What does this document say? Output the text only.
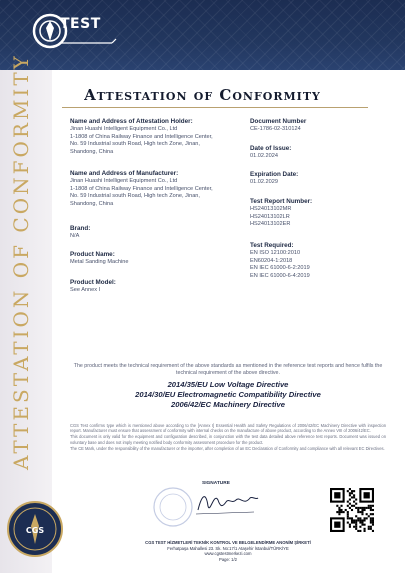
TEST
ATTESTATION OF CONFORMITY	Attestation of Conformity
Name and Address of Attestation Holder:
Jinan Huashi Intelligent Equipment Co., Ltd
1-1808 of China Railway Finance and Intelligence Center,
No. 59 Industrial south Road, High tech Zone, Jinan,
Shandong, China
Name and Address of Manufacturer:
Jinan Huashi Intelligent Equipment Co., Ltd
1-1808 of China Railway Finance and Intelligence Center,
No. 59 Industrial south Road, High tech Zone, Jinan,
Shandong, China
Brand:
N/A
Product Name:
Metal Sanding Machine
Product Model:
See Annex I
Document Number
CE-1786-02-310124
Date of Issue:
01.02.2024
Expiration Date:
01.02.2029
Test Report Number:
HS24013102MR
HS24013102LR
HS24013102ER
Test Required:
EN ISO 12100:2010
EN60204-1:2018
EN IEC 61000-6-2:2019
EN IEC 61000-6-4:2019
The product meets the technical requirement of the above standards as mentioned in the reference test reports and hence fulfils the technical requirement of the above directive.
2014/35/EU Low Voltage Directive
2014/30/EU Electromagnetic Compatibility Directive
2006/42/EC Machinery Directive

CGS Test confirms type which is mentioned above according to the [Annex I] Essential Health and Safety Regulations of 2006/42/EC Machinery Directive with inspection report. Manufacturer must ensure that assessment of conformity with internal checks on the manufacture of above product, according to the Annex VIII of 2006/42/EC.

This document is only valid for the equipment and configuration described, in conjunction with the test data detailed above reference test reports. Document was issued on voluntary base and does not imply meeting notified body conformity assessment procedure for the product.

The CE Mark, under the responsibility of the manufacturer or the importer, after completion of an EC Declaration of Conformity and compliance with all relevant EC Directives.

SIGNATURE
CGS TEST HİZMETLERİ TEKNİK KONTROL VE BELGELENDİRME ANONİM ŞİRKETİ
Ferhatpaşa Mahallesi 23. Sk. No:17/1 Ataşehir İstanbul/TÜRKİYE
www.cgstestmerkezi.com
Page: 1/2
CGS
